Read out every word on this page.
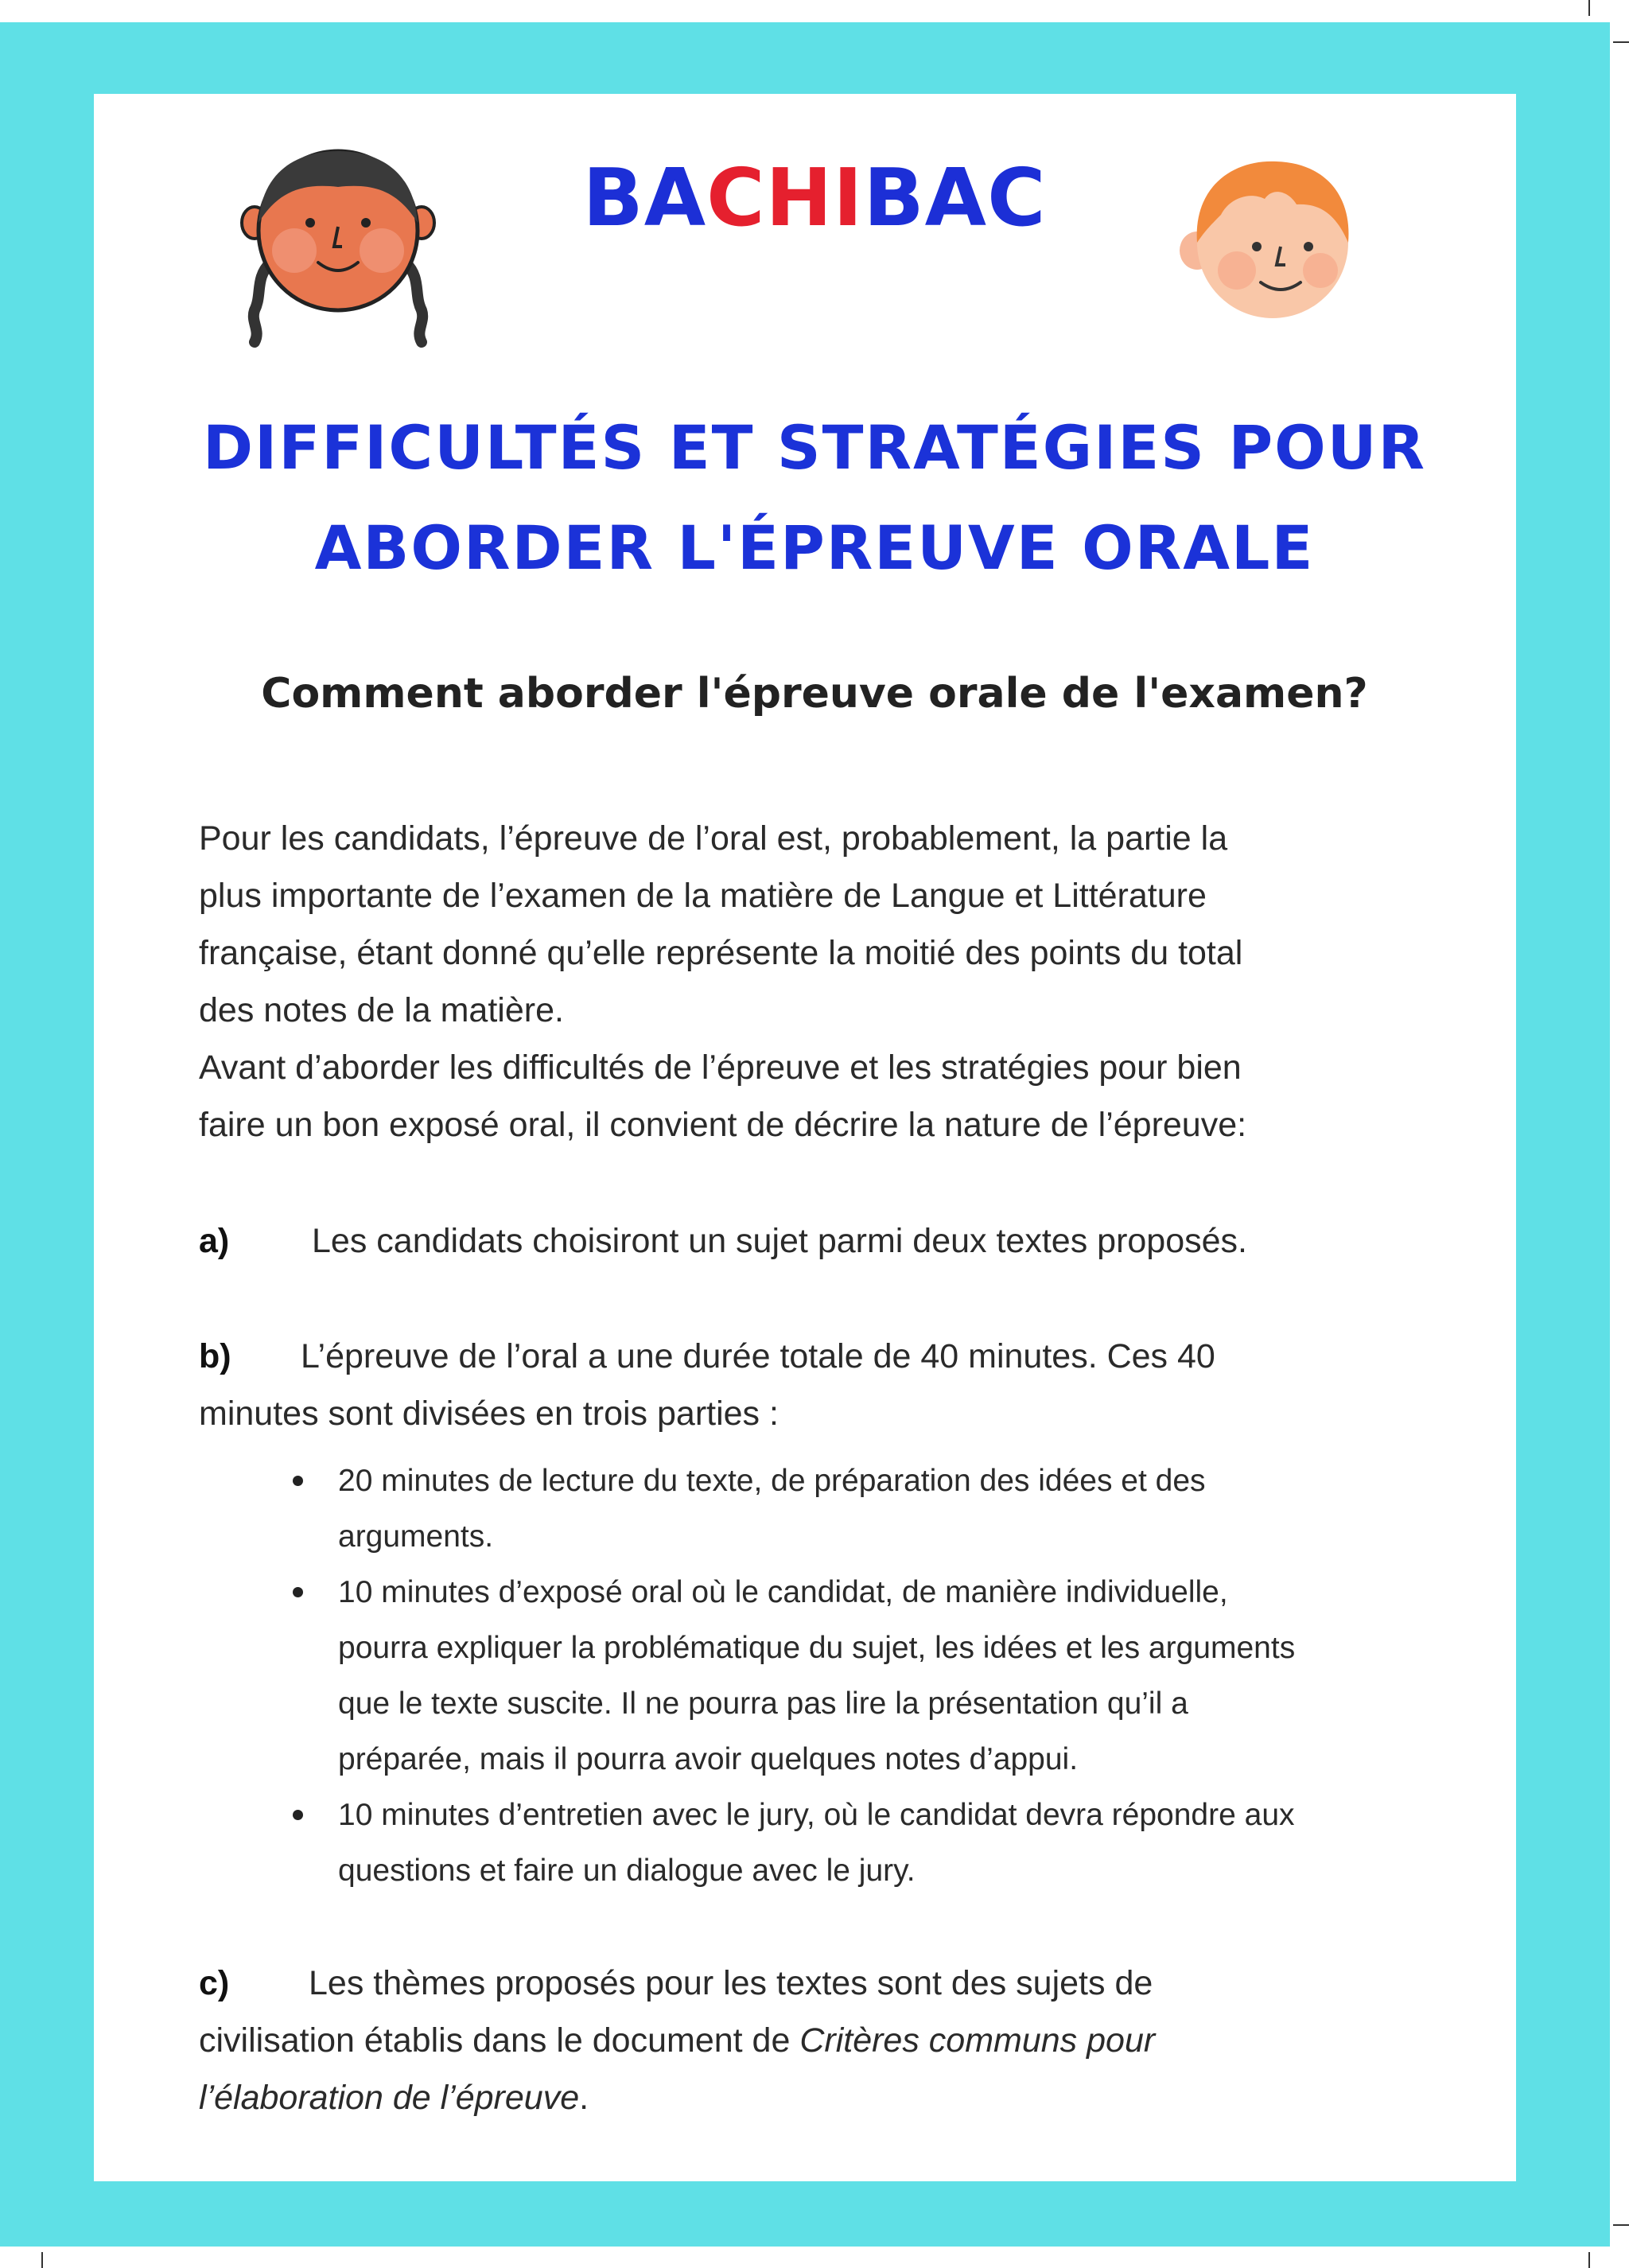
BACHIBAC
DIFFICULTÉS ET STRATÉGIES POUR
ABORDER L'ÉPREUVE ORALE
Comment aborder l'épreuve orale de l'examen?
Pour les candidats, l’épreuve de l’oral est, probablement, la partie la
plus importante de l’examen de la matière de Langue et Littérature
française, étant donné qu’elle représente la moitié des points du total
des notes de la matière.
Avant d’aborder les difficultés de l’épreuve et les stratégies pour bien
faire un bon exposé oral, il convient de décrire la nature de l’épreuve:
a) Les candidats choisiront un sujet parmi deux textes proposés.
b) L’épreuve de l’oral a une durée totale de 40 minutes. Ces 40
minutes sont divisées en trois parties :
20 minutes de lecture du texte, de préparation des idées et des
arguments.
10 minutes d’exposé oral où le candidat, de manière individuelle,
pourra expliquer la problématique du sujet, les idées et les arguments
que le texte suscite. Il ne pourra pas lire la présentation qu’il a
préparée, mais il pourra avoir quelques notes d’appui.
10 minutes d’entretien avec le jury, où le candidat devra répondre aux
questions et faire un dialogue avec le jury.
c) Les thèmes proposés pour les textes sont des sujets de
civilisation établis dans le document de Critères communs pour
l’élaboration de l’épreuve.
